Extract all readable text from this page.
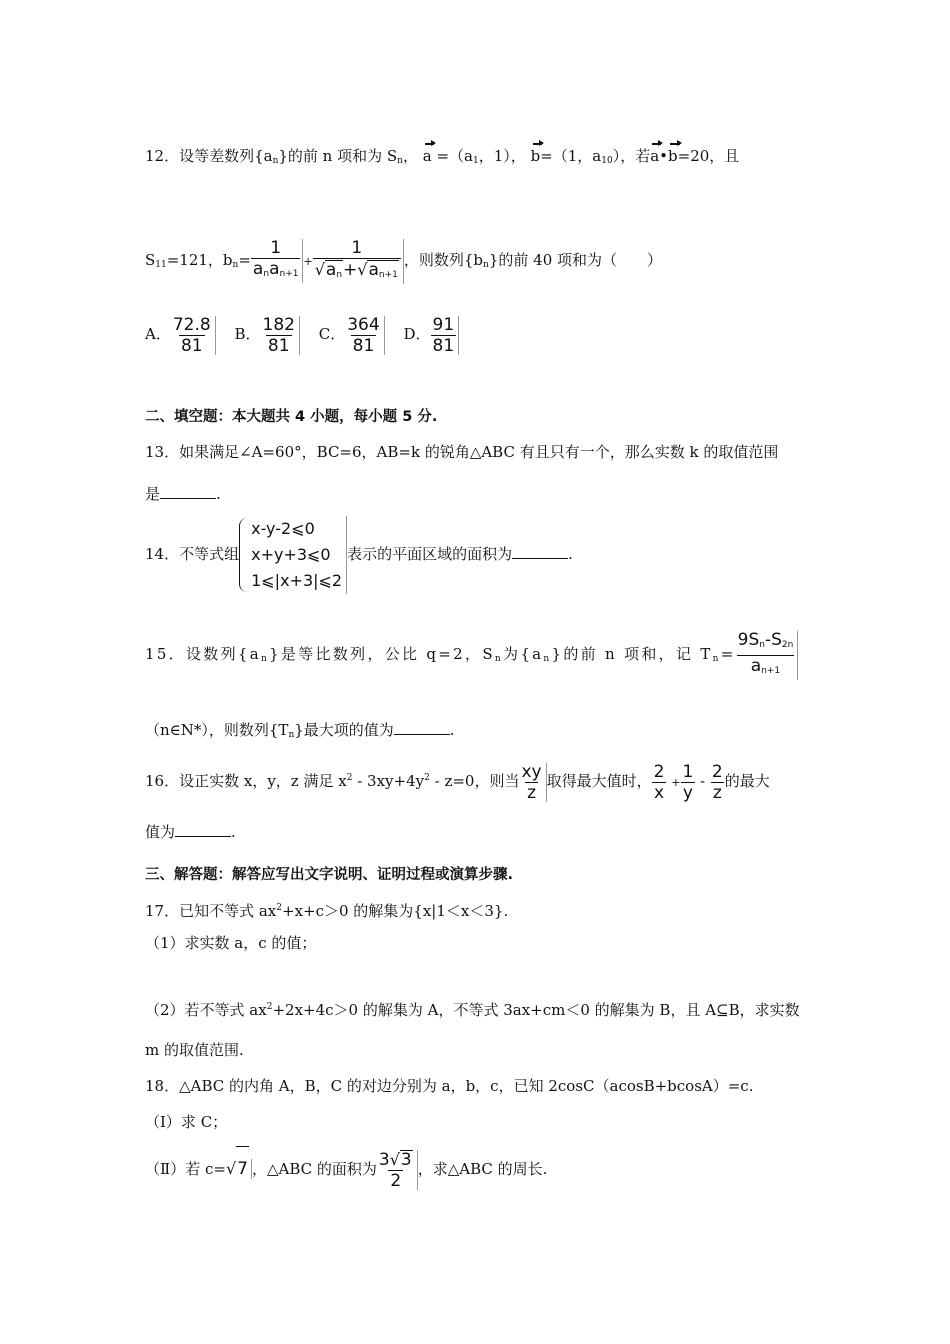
12．设等差数列$\{a_n\}$的前 n 项和为 $S_n$， $a =(a_1$，1）， b=（1，$a_{10}$），若a•b=20，且
$S_{11}=121$，$b_n= \frac{1}{a_na_{n+1}} + \frac{1}{√a_n+√a_{n+1}}$ ，则数列$\{b_n\}$的前 40 项和为（　　）
A． $\frac{72.8}{81}$ B． $\frac{182}{81}$ C． $\frac{364}{81}$ D． $\frac{91}{81}$
二、填空题：本大题共 4 小题，每小题 5 分.
13．如果满足∠A=60°，BC=6，AB=k 的锐角△ABC 有且只有一个，那么实数 k 的取值范围
是	.
14．不等式组
x-y-2⩽0
x+y+3⩽0
1⩽|x+3|⩽2
表示的平面区域的面积为	.
15．设数列$\{a_n\}$是等比数列，公比 q=2，$S_n$为$\{a_n\}$的前 n 项和，记 $T_n= \frac{9S_n-S_{2n}}{a_{n+1}}$
（n∈N*），则数列$\{T_n\}$最大项的值为	.
16．设正实数 x，y，z 满足 $x^2 - 3xy+4y^2 - z=0$，则当 $\frac{xy}{z}$ 取得最大值时， $\frac{2}{x} + \frac{1}{y} - \frac{2}{z}$ 的最大
值为	.
三、解答题：解答应写出文字说明、证明过程或演算步骤.
17．已知不等式 $ax^2+x+c>0$ 的解集为{x|1＜x＜3}.
（1）求实数 a，c 的值；
（2）若不等式 $ax^2+2x+4c>0$ 的解集为 A，不等式 3ax+cm＜0 的解集为 B，且 A⊆B，求实数
m 的取值范围.
18．△ABC 的内角 A，B，C 的对边分别为 a，b，c，已知 2cosC（acosB+bcosA）=c.
（Ⅰ）求 C；
（Ⅱ）若 c=√7 ，△ABC 的面积为 $\frac{3√3}{2}$ ，求△ABC 的周长.
